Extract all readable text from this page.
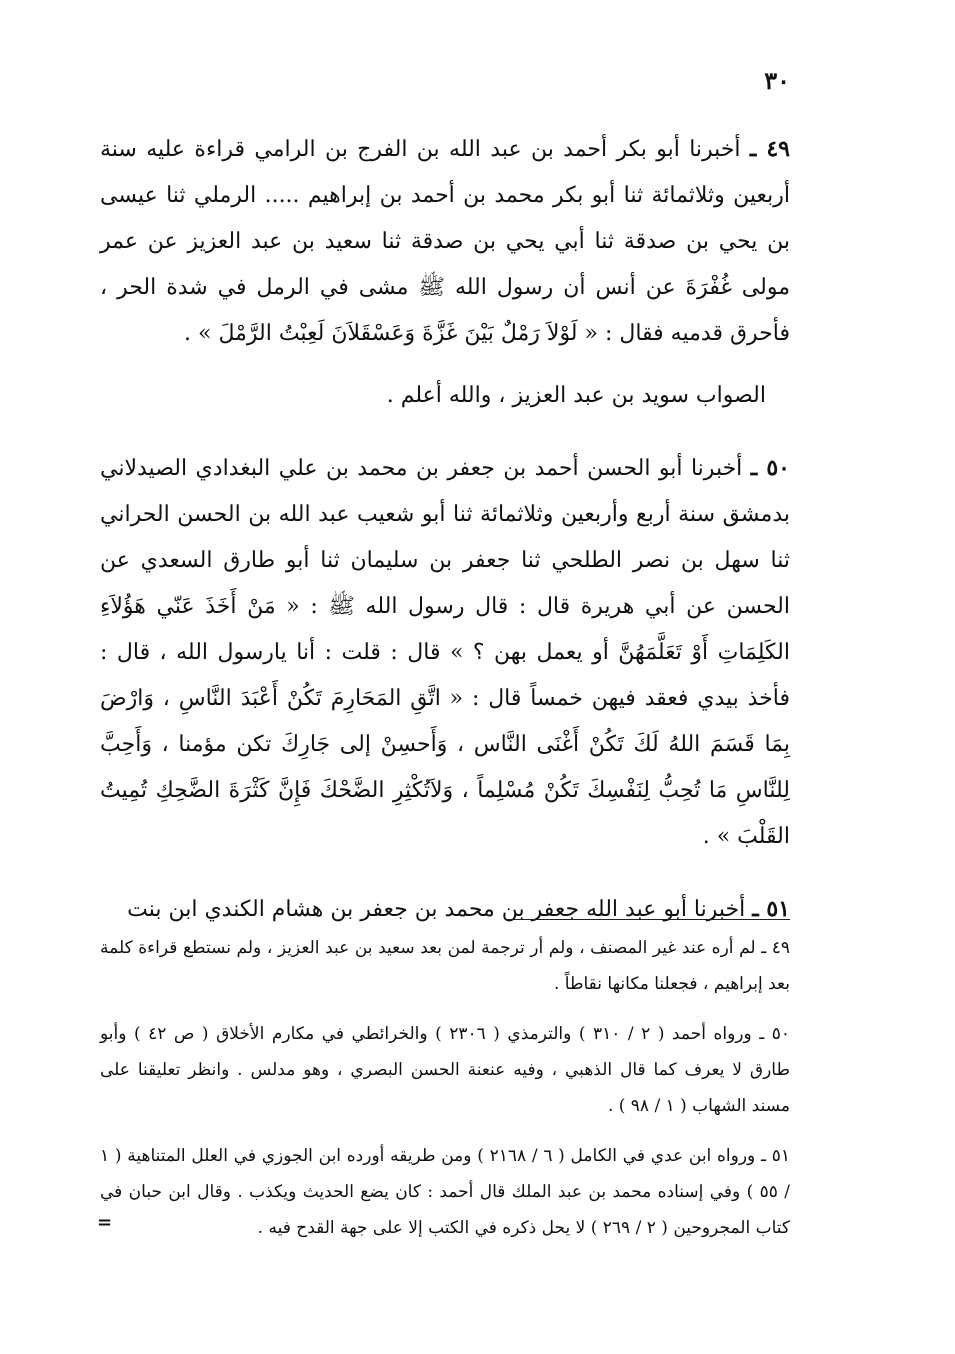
٣٠

٤٩ ـ أخبرنا أبو بكر أحمد بن عبد الله بن الفرج بن الرامي قراءة عليه سنة أربعين وثلاثمائة ثنا أبو بكر محمد بن أحمد بن إبراهيم ..... الرملي ثنا عيسى بن يحي بن صدقة ثنا أبي يحي بن صدقة ثنا سعيد بن عبد العزيز عن عمر مولى غُفْرَةَ عن أنس أن رسول الله ﷺ مشى في الرمل في شدة الحر ، فأحرق قدميه فقال : « لَوْلاَ رَمْلٌ بَيْنَ غَزَّةَ وَعَسْقَلاَنَ لَعِبْتُ الرَّمْلَ » .

الصواب سويد بن عبد العزيز ، والله أعلم .

٥٠ ـ أخبرنا أبو الحسن أحمد بن جعفر بن محمد بن علي البغدادي الصيدلاني بدمشق سنة أربع وأربعين وثلاثمائة ثنا أبو شعيب عبد الله بن الحسن الحراني ثنا سهل بن نصر الطلحي ثنا جعفر بن سليمان ثنا أبو طارق السعدي عن الحسن عن أبي هريرة قال : قال رسول الله ﷺ : « مَنْ أَخَذَ عَنّي هَؤُلاَءِ الكَلِمَاتِ أَوْ تَعَلَّمَهُنَّ أو يعمل بهن ؟ » قال : قلت : أنا يارسول الله ، قال : فأخذ بيدي فعقد فيهن خمساً قال : « اتَّقِ المَحَارِمَ تَكُنْ أَعْبَدَ النَّاسِ ، وَارْضَ بِمَا قَسَمَ اللهُ لَكَ تَكُنْ أَغْنَى النَّاس ، وَأَحسِنْ إلى جَارِكَ تكن مؤمنا ، وَأَحِبَّ لِلنَّاسِ مَا تُحِبُّ لِنَفْسِكَ تَكُنْ مُسْلِماً ، وَلاَتُكْثِرِ الضَّحْكَ فَإِنَّ كَثْرَةَ الضَّحِكِ تُمِيتُ القَلْبَ » .

٥١ ـ أخبرنا أبو عبد الله جعفر بن محمد بن جعفر بن هشام الكندي ابن بنت

٤٩ ـ لم أره عند غير المصنف ، ولم أر ترجمة لمن بعد سعيد بن عبد العزيز ، ولم نستطع قراءة كلمة بعد إبراهيم ، فجعلنا مكانها نقاطاً .

٥٠ ـ ورواه أحمد ( ٢ / ٣١٠ ) والترمذي ( ٢٣٠٦ ) والخرائطي في مكارم الأخلاق ( ص ٤٢ ) وأبو طارق لا يعرف كما قال الذهبي ، وفيه عنعنة الحسن البصري ، وهو مدلس . وانظر تعليقنا على مسند الشهاب ( ١ / ٩٨ ) .

٥١ ـ ورواه ابن عدي في الكامل ( ٦ / ٢١٦٨ ) ومن طريقه أورده ابن الجوزي في العلل المتناهية ( ١ / ٥٥ ) وفي إسناده محمد بن عبد الملك قال أحمد : كان يضع الحديث ويكذب . وقال ابن حبان في كتاب المجروحين ( ٢ / ٢٦٩ ) لا يحل ذكره في الكتب إلا على جهة القدح فيه .

=
